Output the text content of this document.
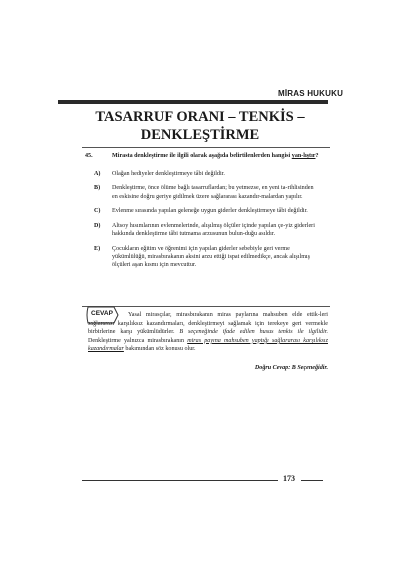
MİRAS HUKUKU
TASARRUF ORANI – TENKİS –
DENKLEŞTİRME
45.	Mirasta denkleştirme ile ilgili olarak aşağıda belirtilenlerden hangisi yan-lıştır?
A) Olağan hediyeler denkleştirmeye tâbi değildir.
B) Denkleştirme, önce ölüme bağlı tasarruflardan; bu yetmezse, en yeni ta-rihlisinden en eskisine doğru geriye gidilmek üzere sağlararası kazandır-malardan yapılır.
C) Evlenme sırasında yapılan geleneğe uygun giderler denkleştirmeye tâbi değildir.
D) Altsoy hısımlarının evlenmelerinde, alışılmış ölçüler içinde yapılan çe-yiz giderleri hakkında denkleştirme tâbi tutmama arzusunun bulun-duğu asıldır.
E) Çocukların eğitim ve öğrenimi için yapılan giderler sebebiyle geri verme yükümlülüğü, mirasbırakanın aksini arzu ettiği ispat edilmedikçe, ancak alışılmış ölçüleri aşan kısmı için mevcuttur.
CEVAP	Yasal mirasçılar, mirasbırakanın miras paylarına mahsuben elde ettik-leri sağlararası karşılıksız kazandırmaları, denkleştirmeyi sağlamak için terekeye geri vermekle birbirlerine karşı yükümlüdürler. B seçeneğinde ifade edilen husus tenkis ile ilgilidir. Denkleştirme yalnızca mirasbırakanın miras payına mahsuben yaptığı sağlararası karşılıksız kazandırmalar bakımından söz konusu olur.
Doğru Cevap: B Seçeneğidir.
173
